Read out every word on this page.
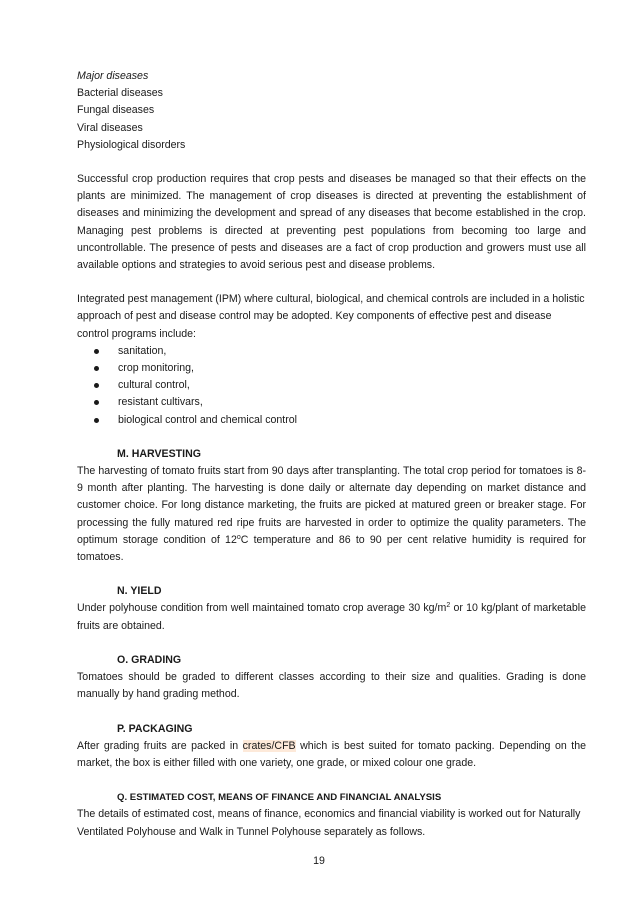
Major diseases

Bacterial diseases

Fungal diseases

Viral diseases

Physiological disorders

Successful crop production requires that crop pests and diseases be managed so that their effects on the plants are minimized. The management of crop diseases is directed at preventing the establishment of diseases and minimizing the development and spread of any diseases that become established in the crop. Managing pest problems is directed at preventing pest populations from becoming too large and uncontrollable. The presence of pests and diseases are a fact of crop production and growers must use all available options and strategies to avoid serious pest and disease problems.

Integrated pest management (IPM) where cultural, biological, and chemical controls are included in a holistic approach of pest and disease control may be adopted. Key components of effective pest and disease control programs include:

sanitation,
crop monitoring,
cultural control,
resistant cultivars,
biological control and chemical control

M. HARVESTING

The harvesting of tomato fruits start from 90 days after transplanting. The total crop period for tomatoes is 8-9 month after planting. The harvesting is done daily or alternate day depending on market distance and customer choice. For long distance marketing, the fruits are picked at matured green or breaker stage. For processing the fully matured red ripe fruits are harvested in order to optimize the quality parameters. The optimum storage condition of 12$^o$C temperature and 86 to 90 per cent relative humidity is required for tomatoes.

N. YIELD

Under polyhouse condition from well maintained tomato crop average 30 $kg/m^2$ or 10 kg/plant of marketable fruits are obtained.

O. GRADING

Tomatoes should be graded to different classes according to their size and qualities. Grading is done manually by hand grading method.

P. PACKAGING

After grading fruits are packed in crates/CFB which is best suited for tomato packing. Depending on the market, the box is either filled with one variety, one grade, or mixed colour one grade.

Q. ESTIMATED COST, MEANS OF FINANCE AND FINANCIAL ANALYSIS

The details of estimated cost, means of finance, economics and financial viability is worked out for Naturally Ventilated Polyhouse and Walk in Tunnel Polyhouse separately as follows.

19
